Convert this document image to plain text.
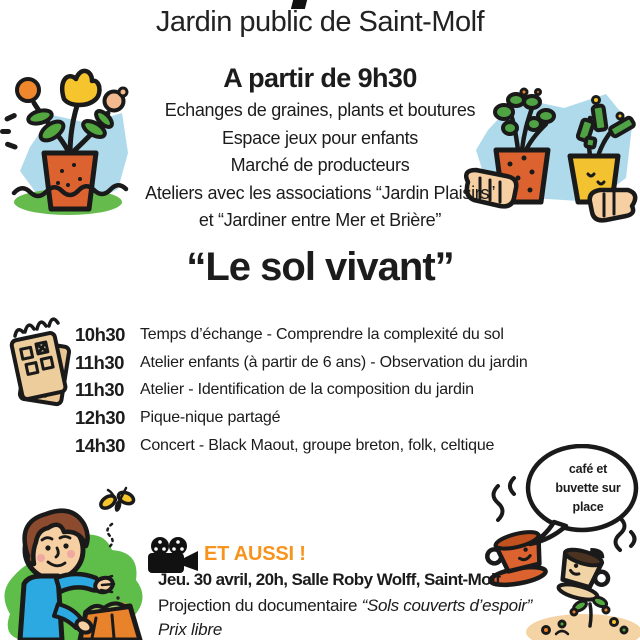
Jardin public de Saint-Molf
A partir de 9h30

Echanges de graines, plants et boutures

Espace jeux pour enfants

Marché de producteurs

Ateliers avec les associations “Jardin Plaisirs” et “Jardiner entre Mer et Brière”

“Le sol vivant”
10h30 Temps d’échange - Comprendre la complexité du sol
11h30	Atelier enfants (à partir de 6 ans) - Observation du jardin
11h30	Atelier - Identification de la composition du jardin
12h30 Pique-nique partagé
14h30 Concert - Black Maout, groupe breton, folk, celtique
café et buvette sur place
ET AUSSI !
Jeu. 30 avril, 20h, Salle Roby Wolff, Saint-Molf
Projection du documentaire “Sols couverts d’espoir”
Prix libre
